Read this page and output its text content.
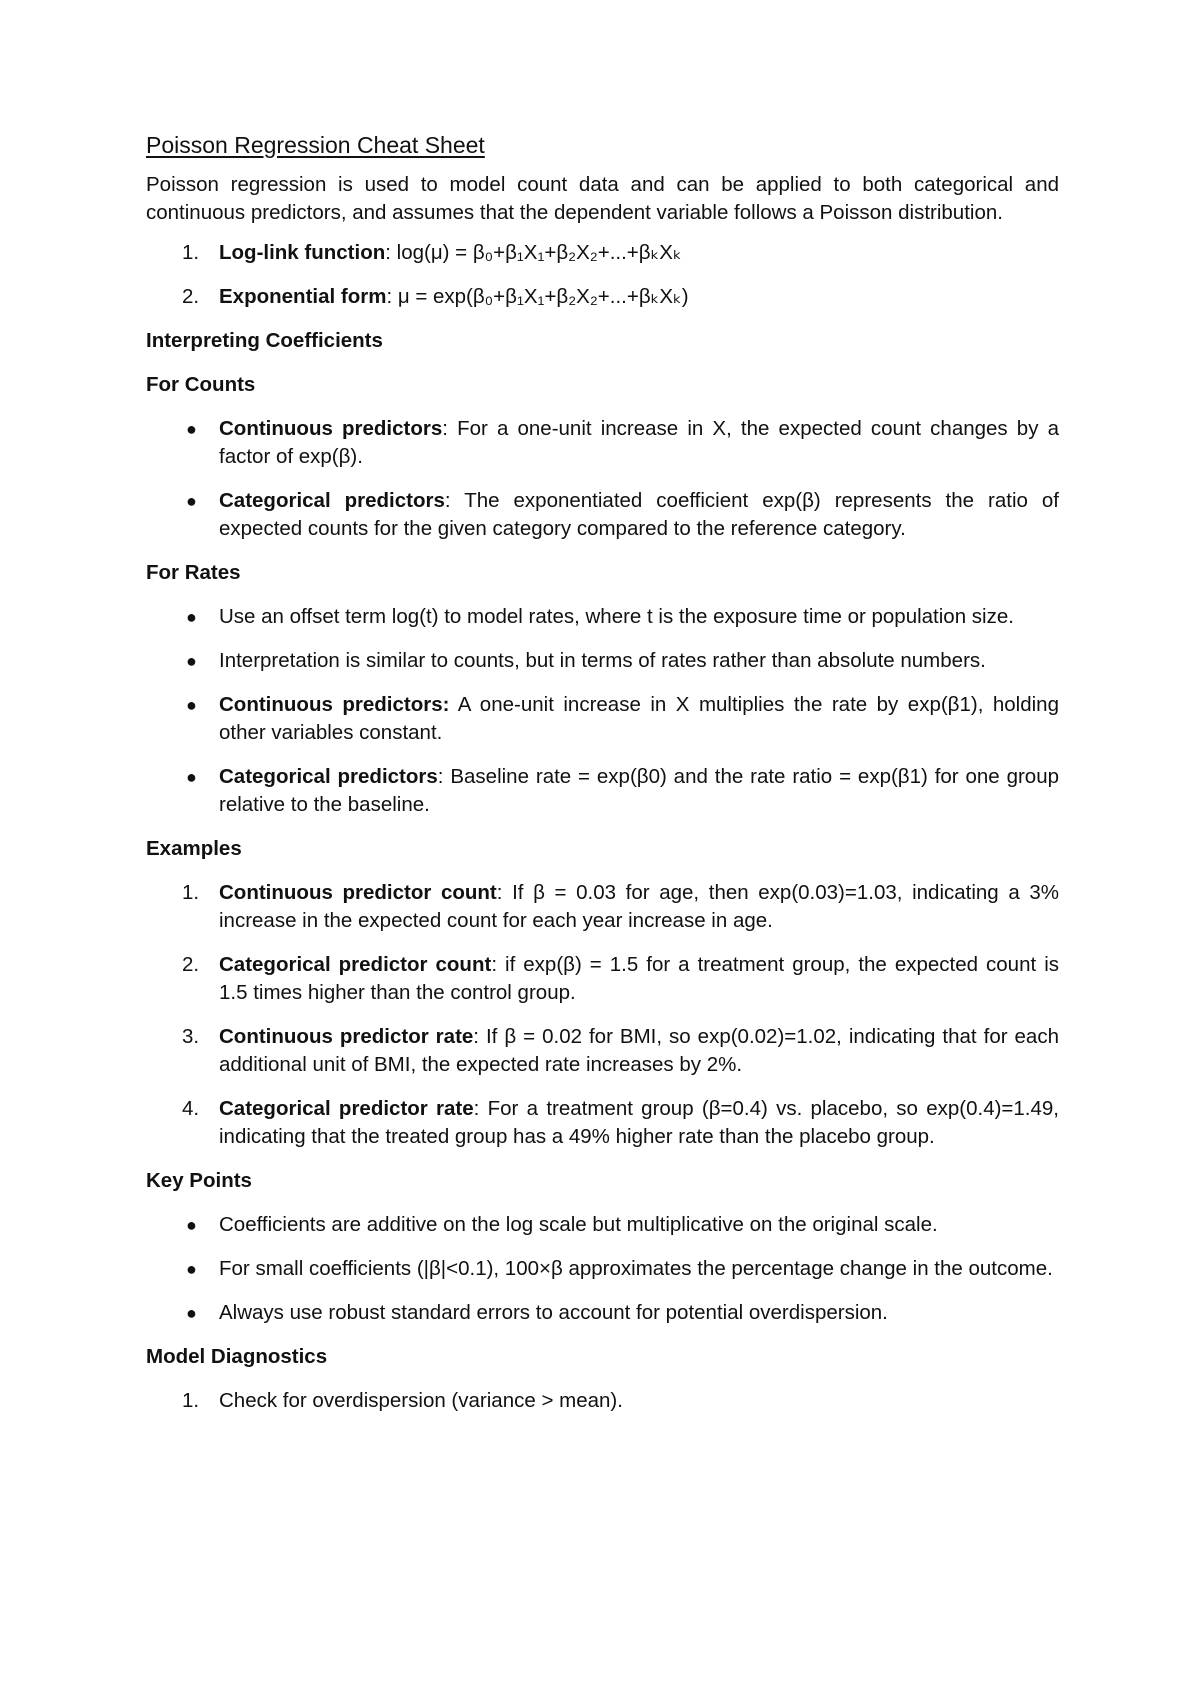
Poisson Regression Cheat Sheet

Poisson regression is used to model count data and can be applied to both categorical and continuous predictors, and assumes that the dependent variable follows a Poisson distribution.

1. Log-link function: log(μ) = β₀+β₁X₁+β₂X₂+...+βₖXₖ
2. Exponential form: μ = exp(β₀+β₁X₁+β₂X₂+...+βₖXₖ)
Interpreting Coefficients
For Counts
● Continuous predictors: For a one-unit increase in X, the expected count changes by a factor of exp(β).
● Categorical predictors: The exponentiated coefficient exp(β) represents the ratio of expected counts for the given category compared to the reference category.
For Rates
● Use an offset term log(t) to model rates, where t is the exposure time or population size.
● Interpretation is similar to counts, but in terms of rates rather than absolute numbers.
● Continuous predictors: A one-unit increase in X multiplies the rate by exp(β1), holding other variables constant.
● Categorical predictors: Baseline rate = exp(β0) and the rate ratio = exp(β1) for one group relative to the baseline.
Examples
1. Continuous predictor count: If β = 0.03 for age, then exp(0.03)=1.03, indicating a 3% increase in the expected count for each year increase in age.
2. Categorical predictor count: if exp(β) = 1.5 for a treatment group, the expected count is 1.5 times higher than the control group.
3. Continuous predictor rate: If β = 0.02 for BMI, so exp(0.02)=1.02, indicating that for each additional unit of BMI, the expected rate increases by 2%.
4. Categorical predictor rate: For a treatment group (β=0.4) vs. placebo, so exp(0.4)=1.49, indicating that the treated group has a 49% higher rate than the placebo group.
Key Points
● Coefficients are additive on the log scale but multiplicative on the original scale.
● For small coefficients (|β|<0.1), 100×β approximates the percentage change in the outcome.
● Always use robust standard errors to account for potential overdispersion.
Model Diagnostics
1. Check for overdispersion (variance > mean).
